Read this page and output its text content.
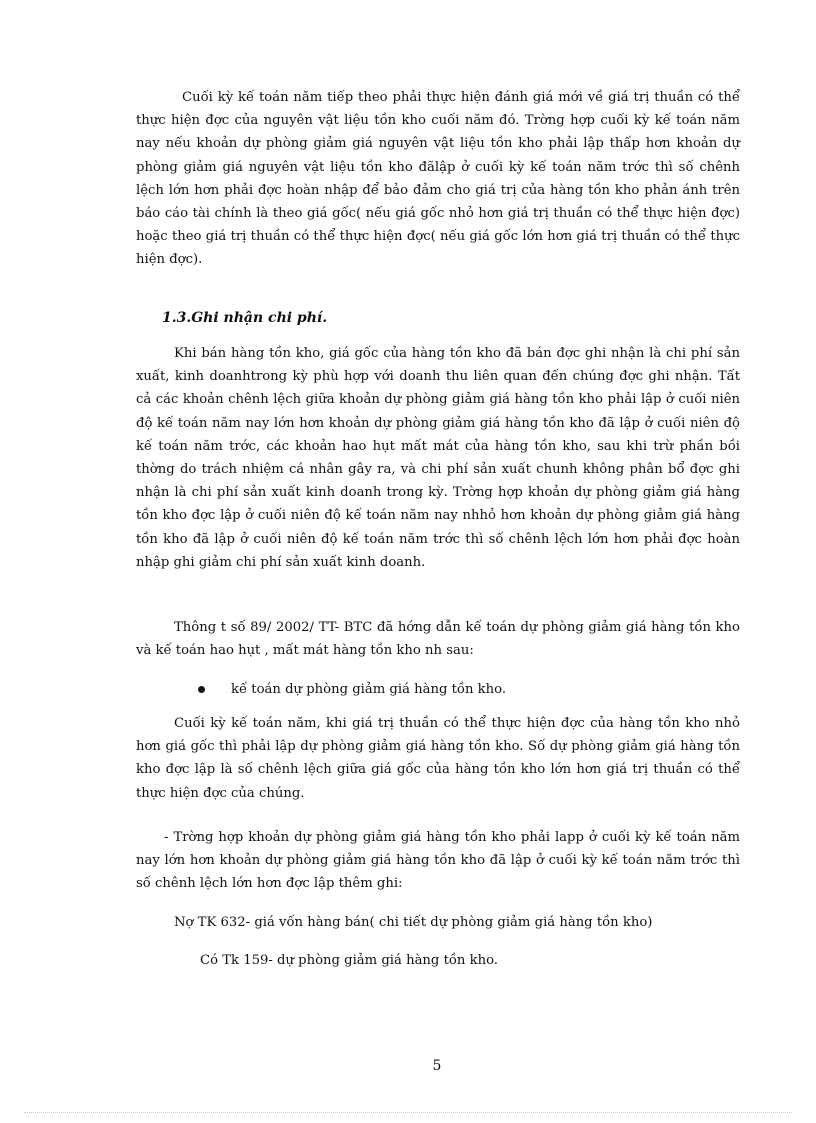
Cuối kỳ kế toán năm tiếp theo phải thực hiện đánh giá mới về giá trị thuần có thể thực hiện đợc của nguyên vật liệu tồn kho cuối năm đó. Trờng hợp cuối kỳ kế toán năm nay nếu khoản dự phòng giảm giá nguyên vật liệu tồn kho phải lập thấp hơn khoản dự phòng giảm giá nguyên vật liệu tồn kho đãlập ở cuối kỳ kế toán năm trớc thì số chênh lệch lớn hơn phải đợc hoàn nhập để bảo đảm cho giá trị của hàng tồn kho phản ánh trên báo cáo tài chính là theo giá gốc( nếu giá gốc nhỏ hơn giá trị thuần có thể thực hiện đợc) hoặc theo giá trị thuần có thể thực hiện đợc( nếu giá gốc lớn hơn giá trị thuần có thể thực hiện đợc).

1.3.Ghi nhận chi phí.

Khi bán hàng tồn kho, giá gốc của hàng tồn kho đã bán đợc ghi nhận là chi phí sản xuất, kinh doanhtrong kỳ phù hợp với doanh thu liên quan đến chúng đợc ghi nhận. Tất cả các khoản chênh lệch giữa khoản dự phòng giảm giá hàng tồn kho phải lập ở cuối niên độ kế toán năm nay lớn hơn khoản dự phòng giảm giá hàng tồn kho đã lập ở cuối niên độ kế toán năm trớc, các khoản hao hụt mất mát của hàng tồn kho, sau khi trừ phần bồi thờng do trách nhiệm cá nhân gây ra, và chi phí sản xuất chunh không phân bổ đợc ghi nhận là chi phí sản xuất kinh doanh trong kỳ. Trờng hợp khoản dự phòng giảm giá hàng tồn kho đợc lập ở cuối niên độ kế toán năm nay nhhỏ hơn khoản dự phòng giảm giá hàng tồn kho đã lập ở cuối niên độ kế toán năm trớc thì số chênh lệch lớn hơn phải đợc hoàn nhập ghi giảm chi phí sản xuất kinh doanh.

Thông t số 89/ 2002/ TT- BTC đã hớng dẫn kế toán dự phòng giảm giá hàng tồn kho và kế toán hao hụt , mất mát hàng tồn kho nh sau:

kế toán dự phòng giảm giá hàng tồn kho.

Cuối kỳ kế toán năm, khi giá trị thuần có thể thực hiện đợc của hàng tồn kho nhỏ hơn giá gốc thì phải lập dự phòng giảm giá hàng tồn kho. Số dự phòng giảm giá hàng tồn kho đợc lập là số chênh lệch giữa giá gốc của hàng tồn kho lớn hơn giá trị thuần có thể thực hiện đợc của chúng.

- Trờng hợp khoản dự phòng giảm giá hàng tồn kho phải lapp ở cuối kỳ kế toán năm nay lớn hơn khoản dự phòng giảm giá hàng tồn kho đã lập ở cuối kỳ kế toán năm trớc thì số chênh lệch lớn hơn đợc lập thêm ghi:

Nợ TK 632- giá vốn hàng bán( chi tiết dự phòng giảm giá hàng tồn kho)
Có Tk 159- dự phòng giảm giá hàng tồn kho.
5
